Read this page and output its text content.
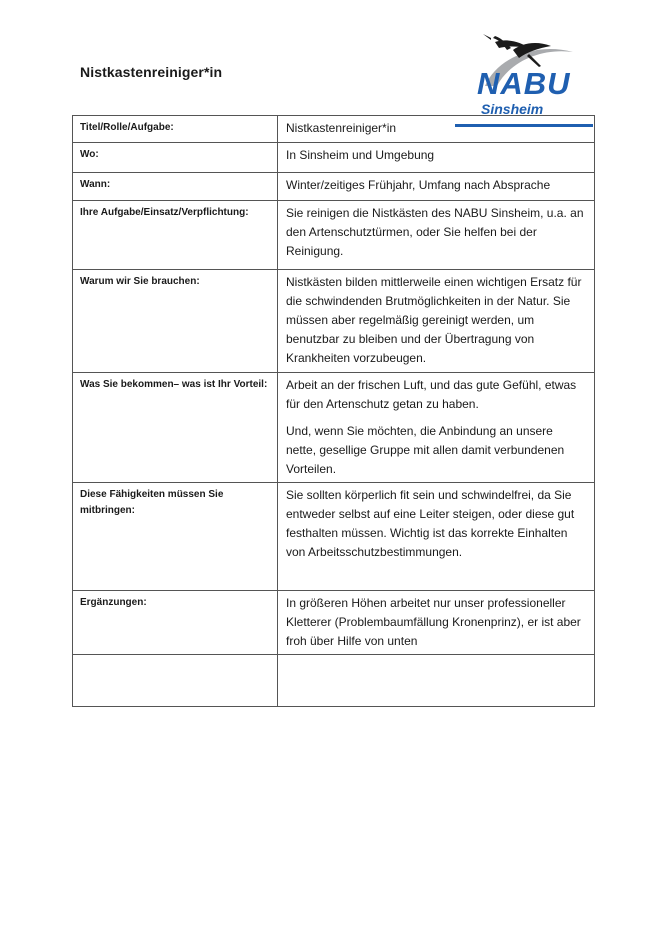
Nistkastenreiniger*in	NABU
Sinsheim
Titel/Rolle/Aufgabe:	Nistkastenreiniger*in

Wo:	In Sinsheim und Umgebung

Wann:	Winter/zeitiges Frühjahr, Umfang nach Absprache

Ihre Aufgabe/Einsatz/Verpflichtung:	Sie reinigen die Nistkästen des NABU Sinsheim, u.a. an den Artenschutztürmen, oder Sie helfen bei der Reinigung.

Warum wir Sie brauchen:	Nistkästen bilden mittlerweile einen wichtigen Ersatz für die schwindenden Brutmöglichkeiten in der Natur. Sie müssen aber regelmäßig gereinigt werden, um benutzbar zu bleiben und der Übertragung von Krankheiten vorzubeugen.

Was Sie bekommen– was ist Ihr Vorteil:	Arbeit an der frischen Luft, und das gute Gefühl, etwas für den Artenschutz getan zu haben.

Und, wenn Sie möchten, die Anbindung an unsere nette, gesellige Gruppe mit allen damit verbundenen Vorteilen.

Diese Fähigkeiten müssen Sie mitbringen:	Sie sollten körperlich fit sein und schwindelfrei, da Sie entweder selbst auf eine Leiter steigen, oder diese gut festhalten müssen. Wichtig ist das korrekte Einhalten von Arbeitsschutzbestimmungen.

Ergänzungen:	In größeren Höhen arbeitet nur unser professioneller Kletterer (Problembaumfällung Kronenprinz), er ist aber froh über Hilfe von unten
